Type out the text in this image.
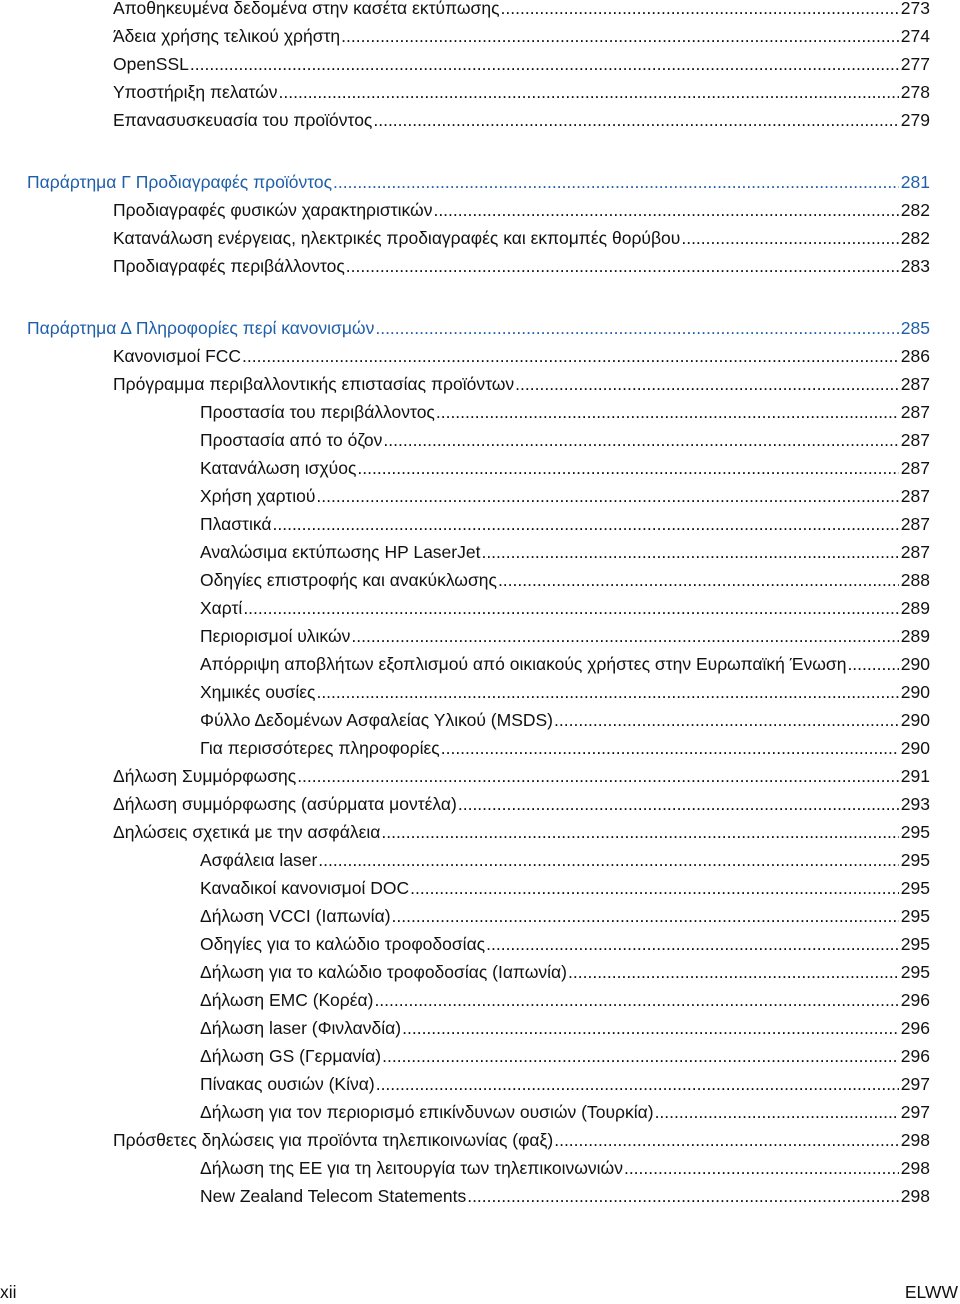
Αποθηκευμένα δεδομένα στην κασέτα εκτύπωσης .....	273
Άδεια χρήσης τελικού χρήστη .....	274
OpenSSL .....	277
Υποστήριξη πελατών .....	278
Επανασυσκευασία του προϊόντος .....	279
Παράρτημα Γ Προδιαγραφές προϊόντος .....	281
Προδιαγραφές φυσικών χαρακτηριστικών .....	282
Κατανάλωση ενέργειας, ηλεκτρικές προδιαγραφές και εκπομπές θορύβου .....	282
Προδιαγραφές περιβάλλοντος .....	283
Παράρτημα Δ Πληροφορίες περί κανονισμών .....	285
Κανονισμοί FCC .....	286
Πρόγραμμα περιβαλλοντικής επιστασίας προϊόντων .....	287
Προστασία του περιβάλλοντος .....	287
Προστασία από το όζον .....	287
Κατανάλωση ισχύος .....	287
Χρήση χαρτιού .....	287
Πλαστικά .....	287
Αναλώσιμα εκτύπωσης HP LaserJet .....	287
Οδηγίες επιστροφής και ανακύκλωσης .....	288
Χαρτί .....	289
Περιορισμοί υλικών .....	289
Απόρριψη αποβλήτων εξοπλισμού από οικιακούς χρήστες στην Ευρωπαϊκή Ένωση .....	290
Χημικές ουσίες .....	290
Φύλλο Δεδομένων Ασφαλείας Υλικού (MSDS) .....	290
Για περισσότερες πληροφορίες .....	290
Δήλωση Συμμόρφωσης .....	291
Δήλωση συμμόρφωσης (ασύρματα μοντέλα) .....	293
Δηλώσεις σχετικά με την ασφάλεια .....	295
Ασφάλεια laser .....	295
Καναδικοί κανονισμοί DOC .....	295
Δήλωση VCCI (Ιαπωνία) .....	295
Οδηγίες για το καλώδιο τροφοδοσίας .....	295
Δήλωση για το καλώδιο τροφοδοσίας (Ιαπωνία) .....	295
Δήλωση EMC (Κορέα) .....	296
Δήλωση laser (Φινλανδία) .....	296
Δήλωση GS (Γερμανία) .....	296
Πίνακας ουσιών (Κίνα) .....	297
Δήλωση για τον περιορισμό επικίνδυνων ουσιών (Τουρκία) .....	297
Πρόσθετες δηλώσεις για προϊόντα τηλεπικοινωνίας (φαξ) .....	298
Δήλωση της ΕΕ για τη λειτουργία των τηλεπικοινωνιών .....	298
New Zealand Telecom Statements .....	298
xii	ELWW
